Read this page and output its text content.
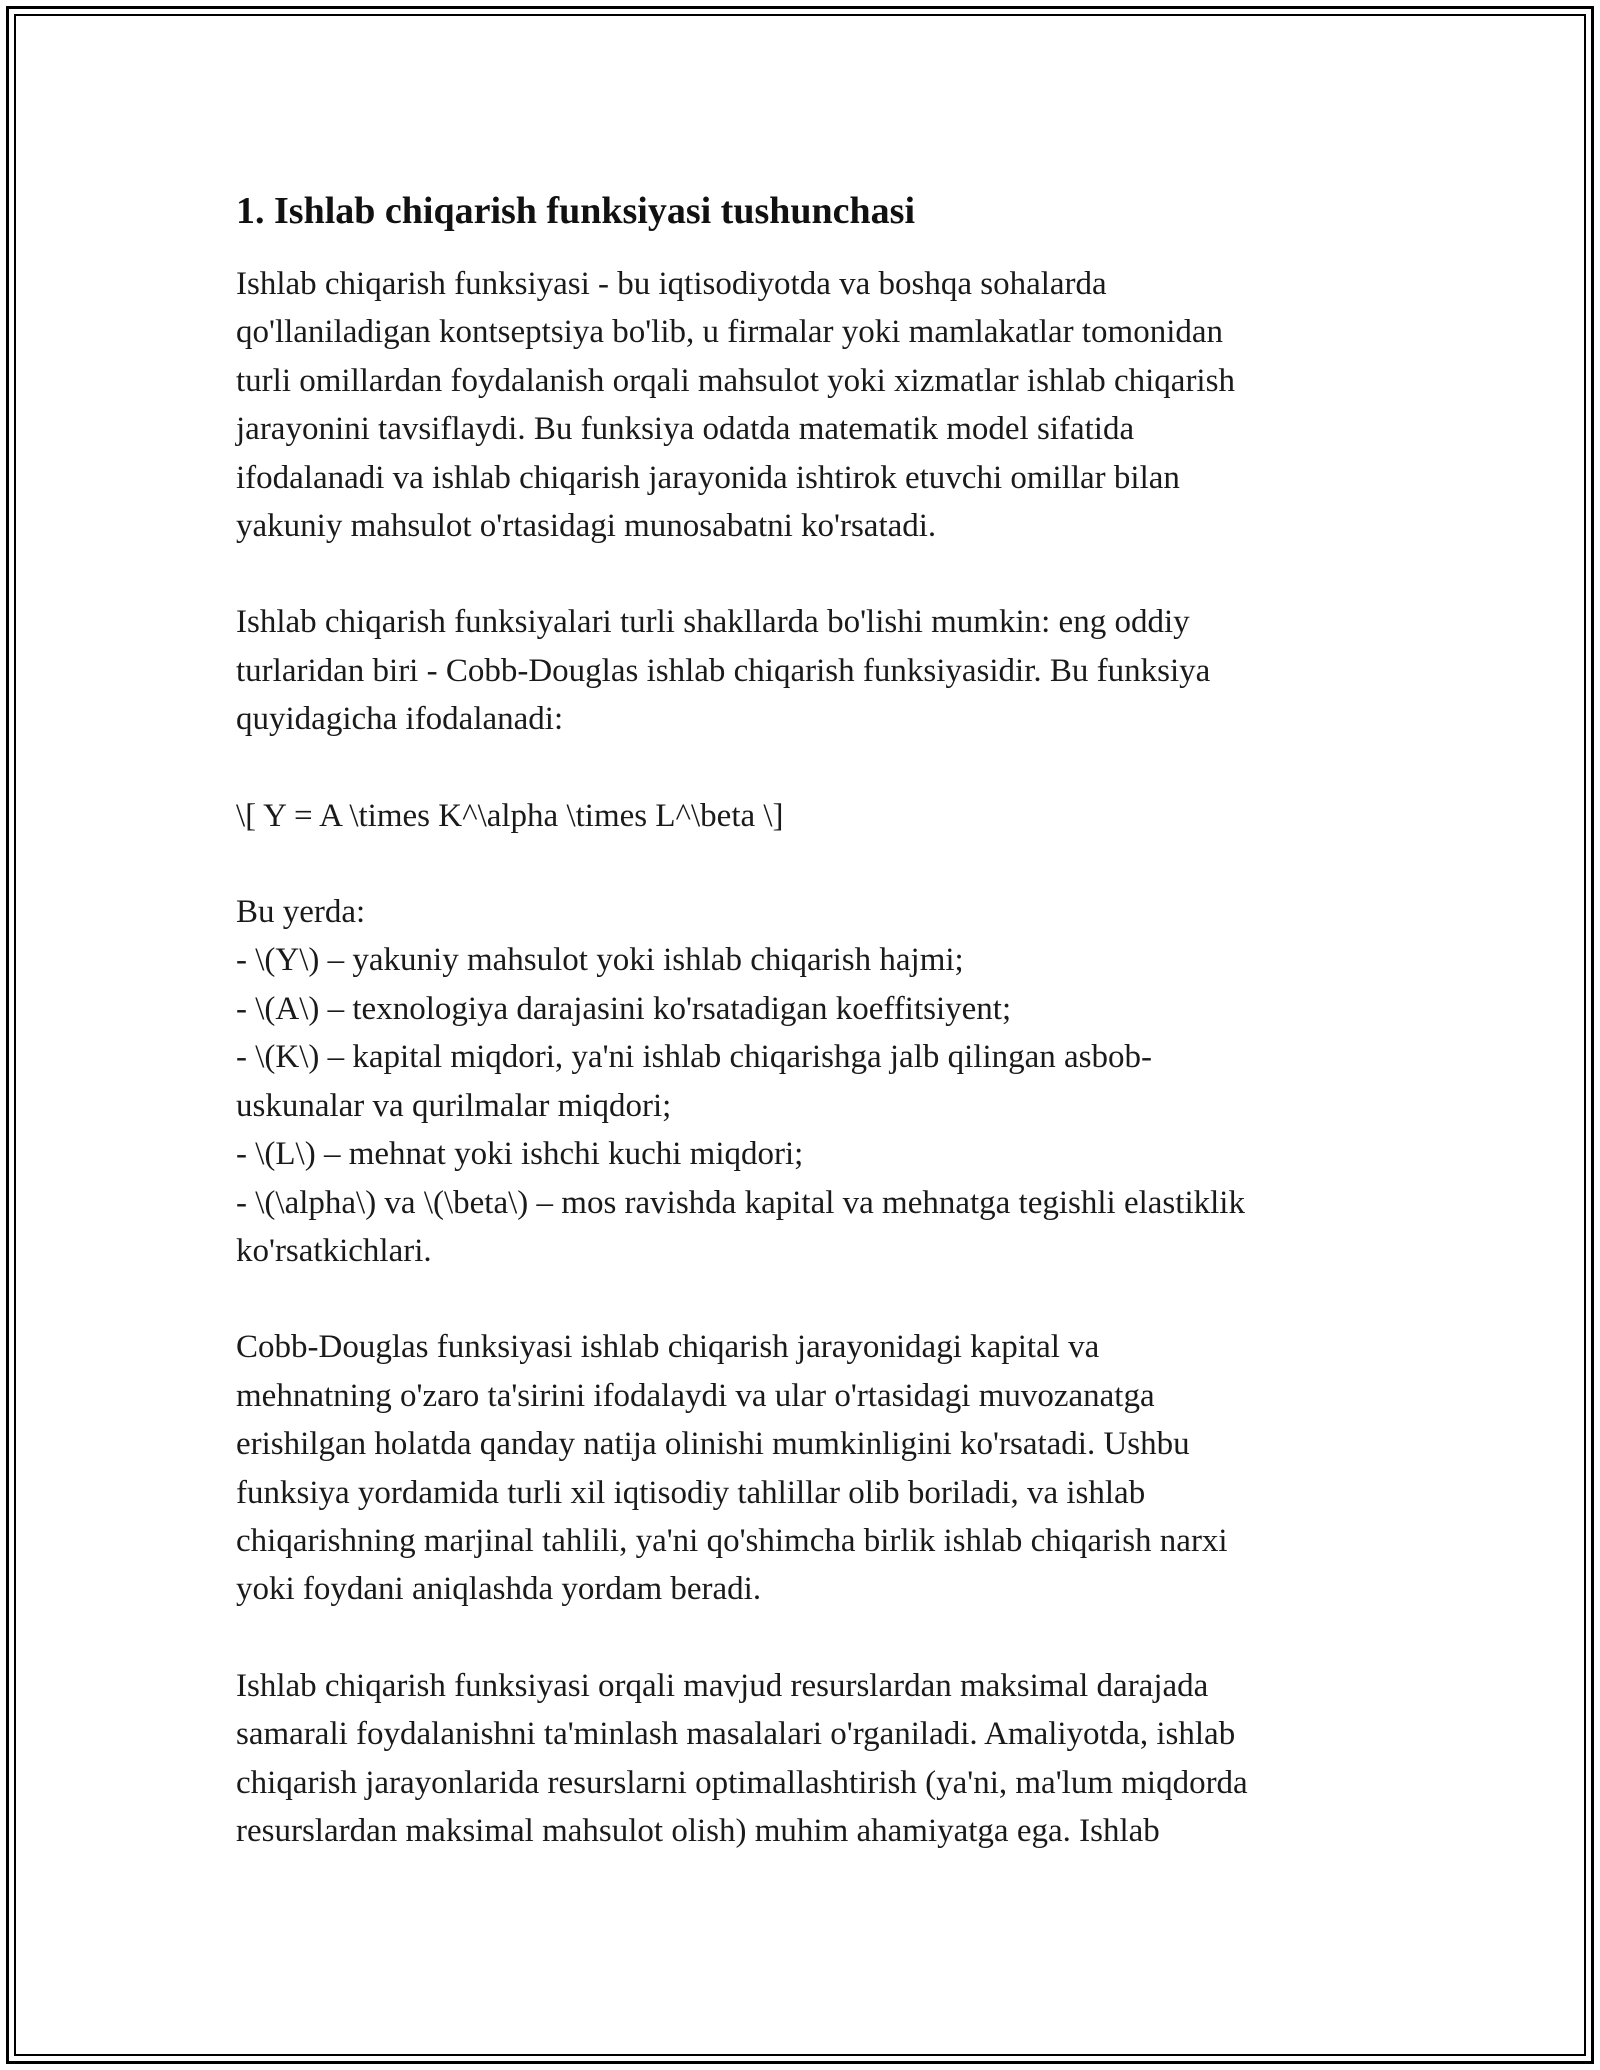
1. Ishlab chiqarish funksiyasi tushunchasi

Ishlab chiqarish funksiyasi - bu iqtisodiyotda va boshqa sohalarda
qo'llaniladigan kontseptsiya bo'lib, u firmalar yoki mamlakatlar tomonidan
turli omillardan foydalanish orqali mahsulot yoki xizmatlar ishlab chiqarish
jarayonini tavsiflaydi. Bu funksiya odatda matematik model sifatida
ifodalanadi va ishlab chiqarish jarayonida ishtirok etuvchi omillar bilan
yakuniy mahsulot o'rtasidagi munosabatni ko'rsatadi.

Ishlab chiqarish funksiyalari turli shakllarda bo'lishi mumkin: eng oddiy
turlaridan biri - Cobb-Douglas ishlab chiqarish funksiyasidir. Bu funksiya
quyidagicha ifodalanadi:

\[ Y = A \times K^\alpha \times L^\beta \]

Bu yerda:
- \(Y\) – yakuniy mahsulot yoki ishlab chiqarish hajmi;
- \(A\) – texnologiya darajasini ko'rsatadigan koeffitsiyent;
- \(K\) – kapital miqdori, ya'ni ishlab chiqarishga jalb qilingan asbob-
uskunalar va qurilmalar miqdori;
- \(L\) – mehnat yoki ishchi kuchi miqdori;
- \(\alpha\) va \(\beta\) – mos ravishda kapital va mehnatga tegishli elastiklik
ko'rsatkichlari.

Cobb-Douglas funksiyasi ishlab chiqarish jarayonidagi kapital va
mehnatning o'zaro ta'sirini ifodalaydi va ular o'rtasidagi muvozanatga
erishilgan holatda qanday natija olinishi mumkinligini ko'rsatadi. Ushbu
funksiya yordamida turli xil iqtisodiy tahlillar olib boriladi, va ishlab
chiqarishning marjinal tahlili, ya'ni qo'shimcha birlik ishlab chiqarish narxi
yoki foydani aniqlashda yordam beradi.

Ishlab chiqarish funksiyasi orqali mavjud resurslardan maksimal darajada
samarali foydalanishni ta'minlash masalalari o'rganiladi. Amaliyotda, ishlab
chiqarish jarayonlarida resurslarni optimallashtirish (ya'ni, ma'lum miqdorda
resurslardan maksimal mahsulot olish) muhim ahamiyatga ega. Ishlab
